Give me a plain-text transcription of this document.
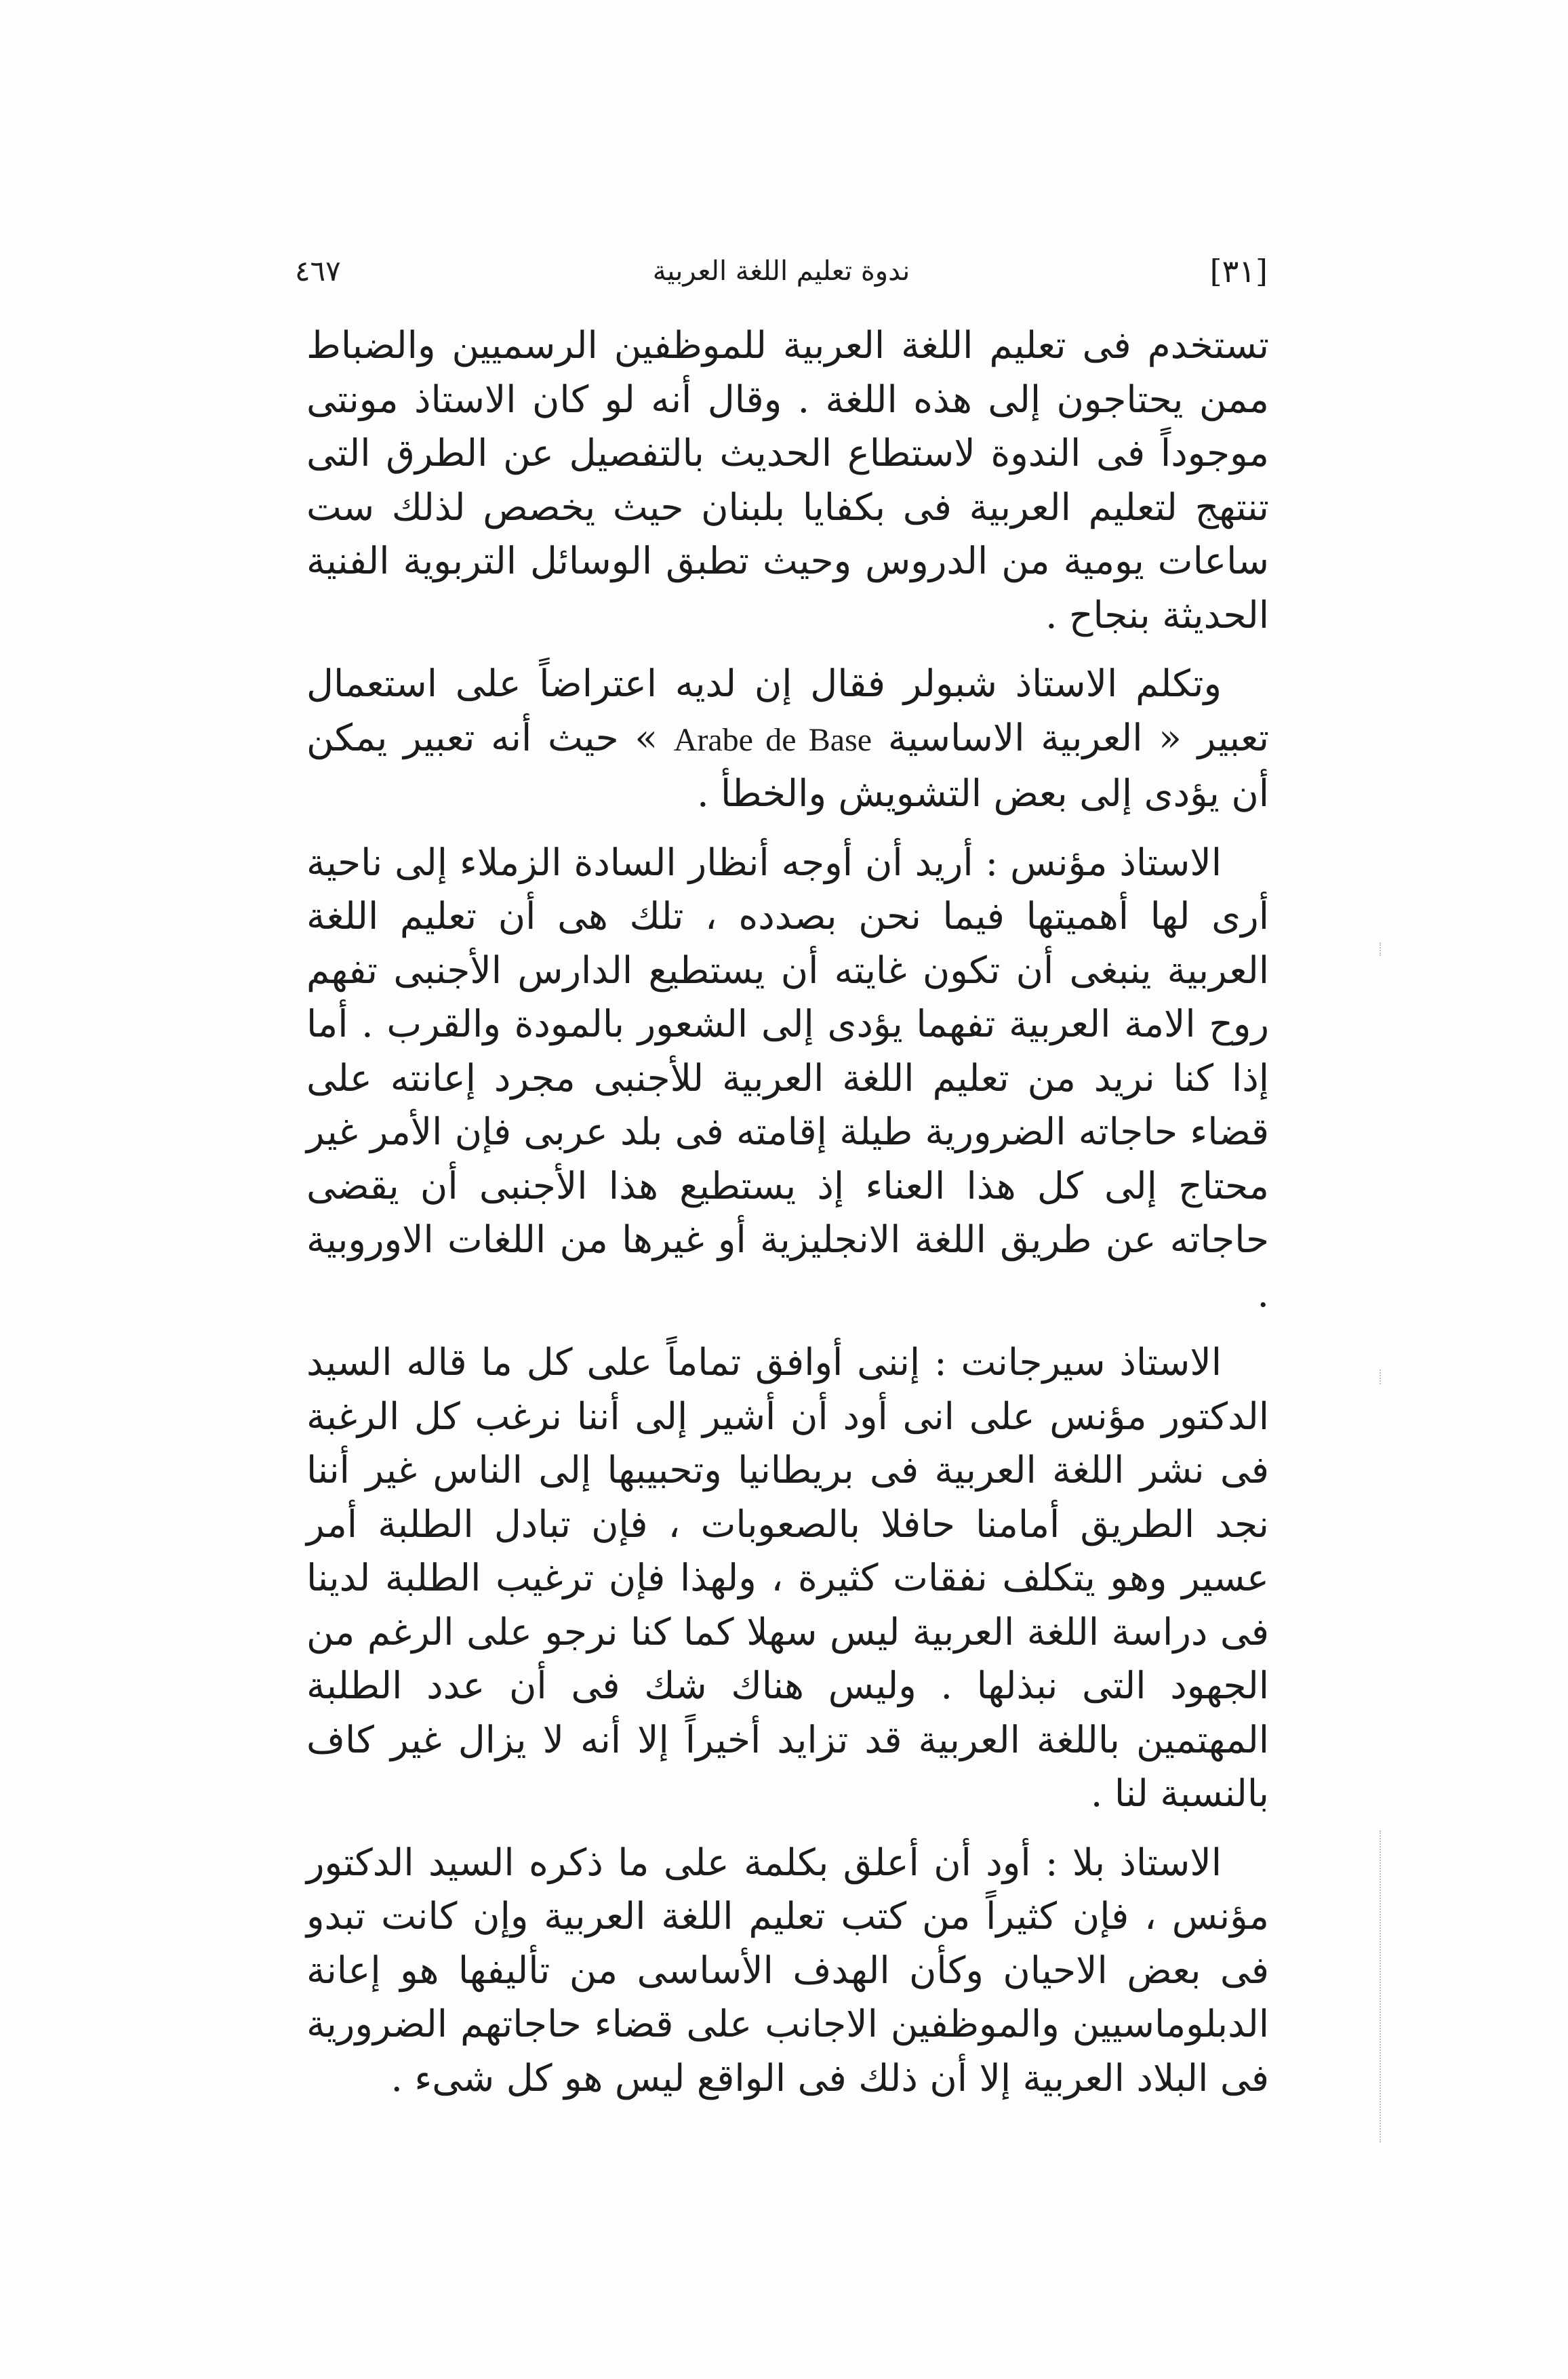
[٣١]
ندوة تعليم اللغة العربية
٤٦٧

تستخدم فى تعليم اللغة العربية للموظفين الرسميين والضباط ممن يحتاجون إلى هذه اللغة . وقال أنه لو كان الاستاذ مونتى موجوداً فى الندوة لاستطاع الحديث بالتفصيل عن الطرق التى تنتهج لتعليم العربية فى بكفايا بلبنان حيث يخصص لذلك ست ساعات يومية من الدروس وحيث تطبق الوسائل التربوية الفنية الحديثة بنجاح .

وتكلم الاستاذ شبولر فقال إن لديه اعتراضاً على استعمال تعبير « العربية الاساسية Arabe de Base » حيث أنه تعبير يمكن أن يؤدى إلى بعض التشويش والخطأ .

الاستاذ مؤنس : أريد أن أوجه أنظار السادة الزملاء إلى ناحية أرى لها أهميتها فيما نحن بصدده ، تلك هى أن تعليم اللغة العربية ينبغى أن تكون غايته أن يستطيع الدارس الأجنبى تفهم روح الامة العربية تفهما يؤدى إلى الشعور بالمودة والقرب . أما إذا كنا نريد من تعليم اللغة العربية للأجنبى مجرد إعانته على قضاء حاجاته الضرورية طيلة إقامته فى بلد عربى فإن الأمر غير محتاج إلى كل هذا العناء إذ يستطيع هذا الأجنبى أن يقضى حاجاته عن طريق اللغة الانجليزية أو غيرها من اللغات الاوروبية .

الاستاذ سيرجانت : إننى أوافق تماماً على كل ما قاله السيد الدكتور مؤنس على انى أود أن أشير إلى أننا نرغب كل الرغبة فى نشر اللغة العربية فى بريطانيا وتحبيبها إلى الناس غير أننا نجد الطريق أمامنا حافلا بالصعوبات ، فإن تبادل الطلبة أمر عسير وهو يتكلف نفقات كثيرة ، ولهذا فإن ترغيب الطلبة لدينا فى دراسة اللغة العربية ليس سهلا كما كنا نرجو على الرغم من الجهود التى نبذلها . وليس هناك شك فى أن عدد الطلبة المهتمين باللغة العربية قد تزايد أخيراً إلا أنه لا يزال غير كاف بالنسبة لنا .

الاستاذ بلا : أود أن أعلق بكلمة على ما ذكره السيد الدكتور مؤنس ، فإن كثيراً من كتب تعليم اللغة العربية وإن كانت تبدو فى بعض الاحيان وكأن الهدف الأساسى من تأليفها هو إعانة الدبلوماسيين والموظفين الاجانب على قضاء حاجاتهم الضرورية فى البلاد العربية إلا أن ذلك فى الواقع ليس هو كل شىء .
